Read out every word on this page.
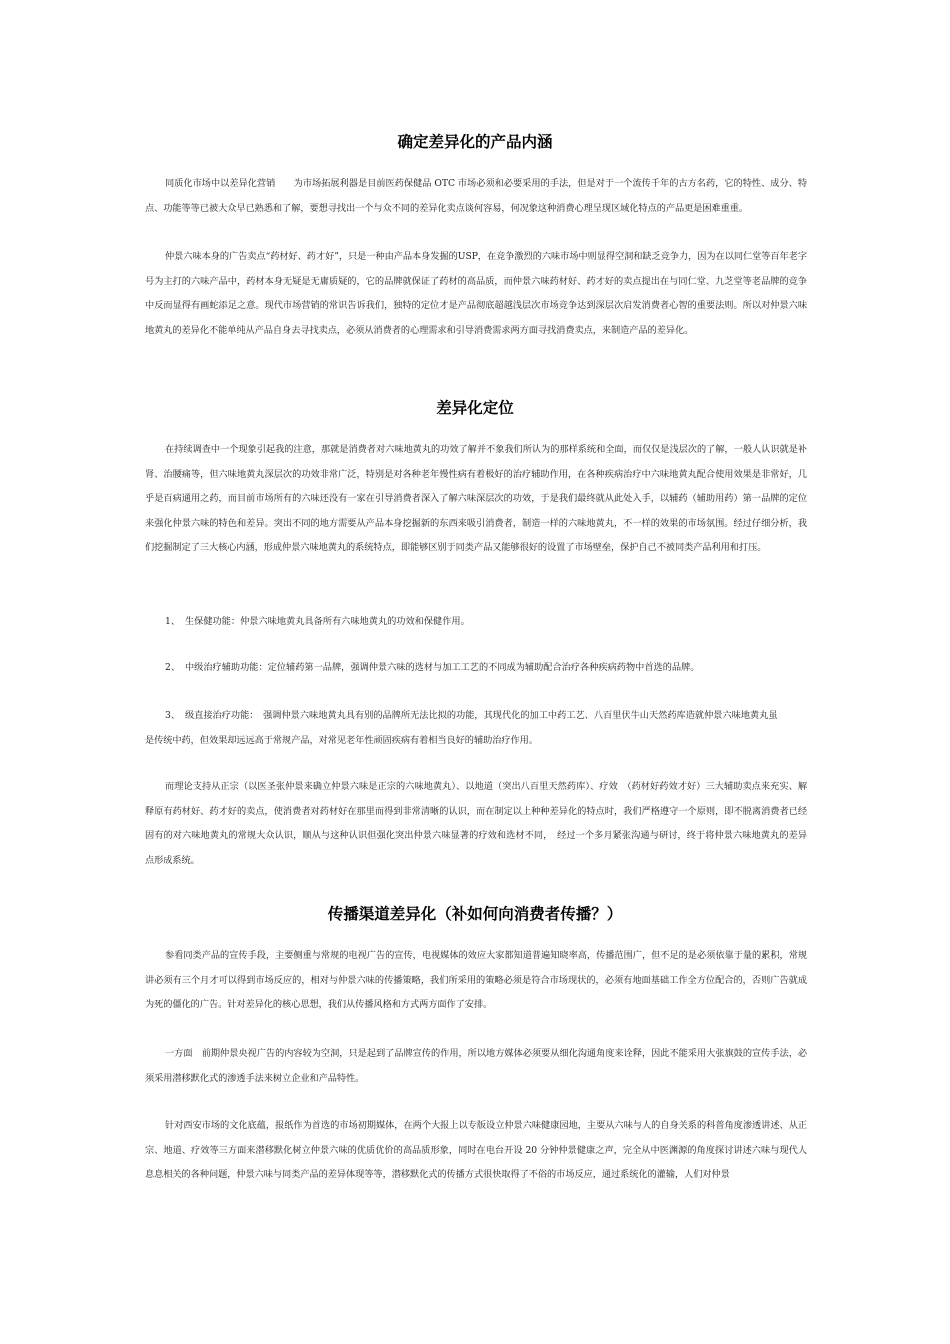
确定差异化的产品内涵
同质化市场中以差异化营销　　为市场拓展利器是目前医药保健品 OTC 市场必须和必要采用的手法，但是对于一个流传千年的古方名药，它的特性、成分、特点、功能等等已被大众早已熟悉和了解，要想寻找出一个与众不同的差异化卖点谈何容易，何况象这种消费心理呈现区域化特点的产品更是困难重重。
仲景六味本身的广告卖点“药材好、药才好”，只是一种由产品本身发掘的USP，在竞争激烈的六味市场中则显得空洞和缺乏竞争力，因为在以同仁堂等百年老字号为主打的六味产品中，药材本身无疑是无庸质疑的，它的品牌就保证了药材的高品质，而仲景六味药材好、药才好的卖点提出在与同仁堂、九芝堂等老品牌的竞争中反而显得有画蛇添足之意。现代市场营销的常识告诉我们，独特的定位才是产品彻底超越浅层次市场竞争达到深层次启发消费者心智的重要法则。所以对仲景六味地黄丸的差异化不能单纯从产品自身去寻找卖点，必须从消费者的心理需求和引导消费需求两方面寻找消费卖点，来制造产品的差异化。
差异化定位
在持续调查中一个现象引起我的注意，那就是消费者对六味地黄丸的功效了解并不象我们所认为的那样系统和全面，而仅仅是浅层次的了解，一般人认识就是补肾、治腰痛等，但六味地黄丸深层次的功效非常广泛，特别是对各种老年慢性病有着极好的治疗辅助作用，在各种疾病治疗中六味地黄丸配合使用效果是非常好，几乎是百病通用之药，而目前市场所有的六味还没有一家在引导消费者深入了解六味深层次的功效，于是我们最终就从此处入手，以辅药（辅助用药）第一品牌的定位来强化仲景六味的特色和差异。突出不同的地方需要从产品本身挖掘新的东西来吸引消费者，制造一样的六味地黄丸，不一样的效果的市场氛围。经过仔细分析，我们挖掘制定了三大核心内涵，形成仲景六味地黄丸的系统特点，即能够区别于同类产品又能够很好的设置了市场壁垒，保护自己不被同类产品利用和打压。
1、 生保健功能：仲景六味地黄丸具备所有六味地黄丸的功效和保健作用。
2、 中级治疗辅助功能：定位辅药第一品牌，强调仲景六味的选材与加工工艺的不同成为辅助配合治疗各种疾病药物中首选的品牌。
3、 级直接治疗功能：　强调仲景六味地黄丸具有别的品牌所无法比拟的功能，其现代化的加工中药工艺、八百里伏牛山天然药库造就仲景六味地黄丸虽
是传统中药，但效果却远远高于常规产品，对常见老年性顽固疾病有着相当良好的辅助治疗作用。
而理论支持从正宗（以医圣张仲景来确立仲景六味是正宗的六味地黄丸）、以地道（突出八百里天然药库）、疗效　（药材好药效才好）三大辅助卖点来充实、解释原有药材好、药才好的卖点，使消费者对药材好在那里而得到非常清晰的认识，而在制定以上种种差异化的特点时，我们严格遵守一个原则，即不脱离消费者已经固有的对六味地黄丸的常规大众认识，顺从与这种认识但强化突出仲景六味显著的疗效和选材不同，　经过一个多月紧张沟通与研讨，终于将仲景六味地黄丸的差异点形成系统。
传播渠道差异化（补如何向消费者传播？）
参看同类产品的宣传手段，主要侧重与常规的电视广告的宣传，电视媒体的效应大家都知道普遍知晓率高，传播范围广，但不足的是必须依靠于量的累积，常规讲必须有三个月才可以得到市场反应的，相对与仲景六味的传播策略，我们所采用的策略必须是符合市场现状的，必须有地面基础工作全方位配合的，否则广告就成为死的僵化的广告。针对差异化的核心思想，我们从传播风格和方式两方面作了安排。
一方面　前期仲景央视广告的内容较为空洞，只是起到了品牌宣传的作用，所以地方媒体必须要从细化沟通角度来诠释，因此不能采用大张旗鼓的宣传手法，必须采用潜移默化式的渗透手法来树立企业和产品特性。
针对西安市场的文化底蕴，报纸作为首选的市场初期媒体，在两个大报上以专版设立仲景六味健康园地，主要从六味与人的自身关系的科普角度渗透讲述、从正宗、地道、疗效等三方面来潜移默化树立仲景六味的优质优价的高品质形象，同时在电台开设 20 分钟仲景健康之声，完全从中医渊源的角度探讨讲述六味与现代人息息相关的各种问题，仲景六味与同类产品的差异体现等等，潜移默化式的传播方式很快取得了不俗的市场反应，通过系统化的灌输，人们对仲景
